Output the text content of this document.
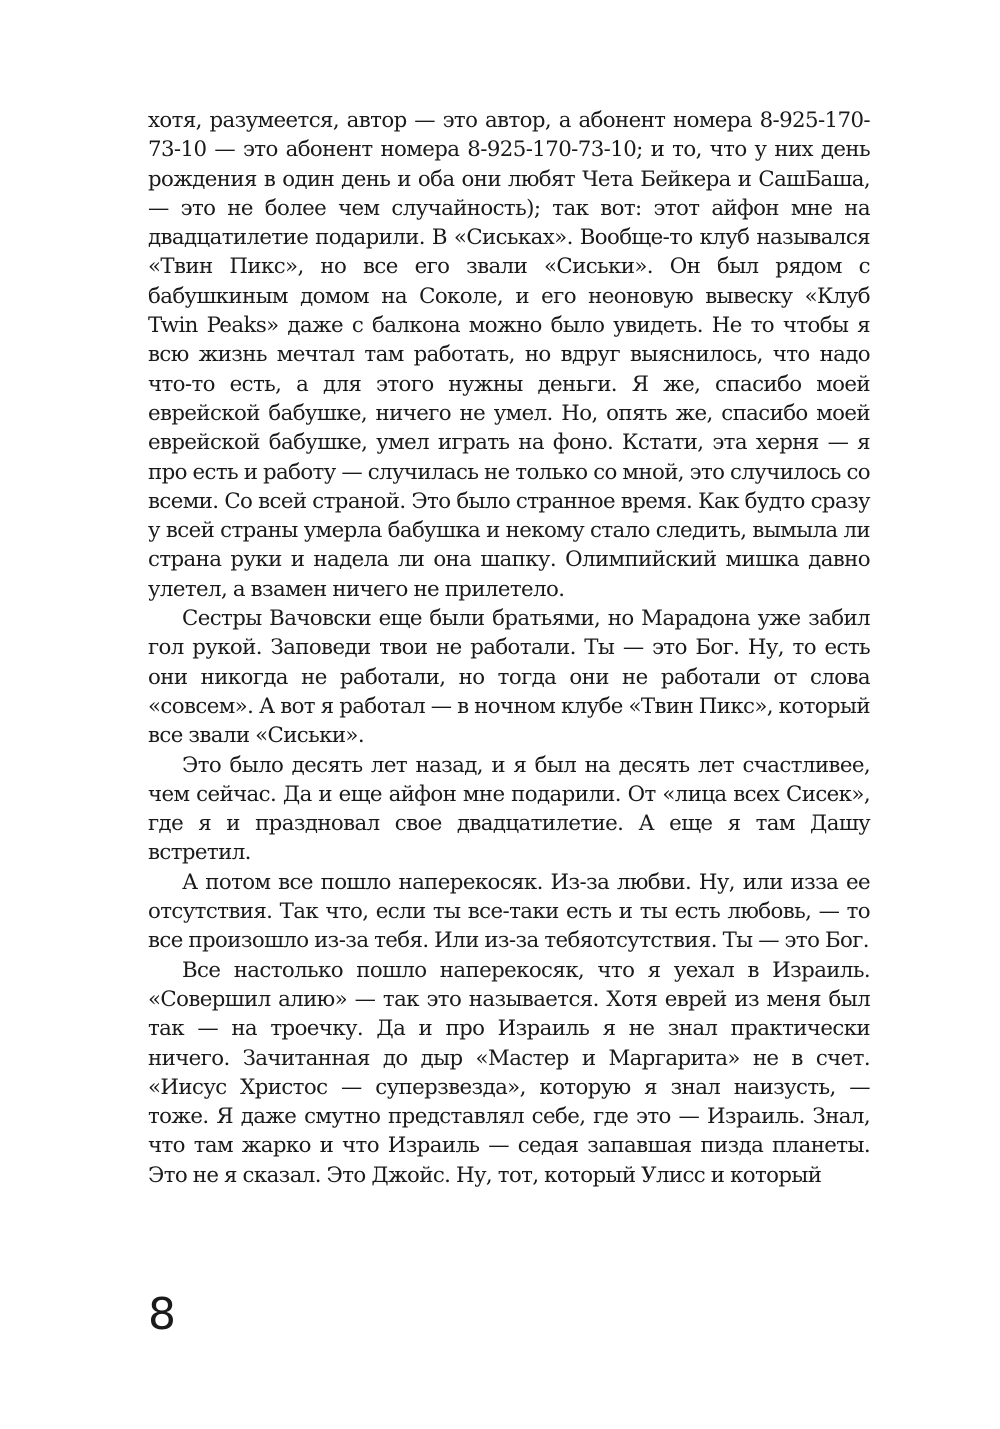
хотя, разумеется, автор — это автор, а абонент номера 8-925-170-73-10 — это абонент номера 8-925-170-73-10; и то, что у них день рождения в один день и оба они любят Чета Бейкера и СашБаша, — это не более чем случайность); так вот: этот айфон мне на двадцатилетие подарили. В «Сиськах». Вообще-то клуб назывался «Твин Пикс», но все его звали «Сиськи». Он был рядом с бабушкиным домом на Соколе, и его неоновую вывеску «Клуб Twin Peaks» даже с балкона можно было увидеть. Не то чтобы я всю жизнь мечтал там работать, но вдруг выяснилось, что надо что-то есть, а для этого нужны деньги. Я же, спасибо моей еврейской бабушке, ничего не умел. Но, опять же, спасибо моей еврейской бабушке, умел играть на фоно. Кстати, эта херня — я про есть и работу — случилась не только со мной, это случилось со всеми. Со всей страной. Это было странное время. Как будто сразу у всей страны умерла бабушка и некому стало следить, вымыла ли страна руки и надела ли она шапку. Олимпийский мишка давно улетел, а взамен ничего не прилетело.

Сестры Вачовски еще были братьями, но Марадона уже забил гол рукой. Заповеди твои не работали. Ты — это Бог. Ну, то есть они никогда не работали, но тогда они не работали от слова «совсем». А вот я работал — в ночном клубе «Твин Пикс», который все звали «Сиськи».

Это было десять лет назад, и я был на десять лет счастливее, чем сейчас. Да и еще айфон мне подарили. От «лица всех Сисек», где я и праздновал свое двадцатилетие. А еще я там Дашу встретил.

А потом все пошло наперекосяк. Из-за любви. Ну, или изза ее отсутствия. Так что, если ты все-таки есть и ты есть любовь, — то все произошло из-за тебя. Или из-за тебяотсутствия. Ты — это Бог.

Все настолько пошло наперекосяк, что я уехал в Израиль. «Совершил алию» — так это называется. Хотя еврей из меня был так — на троечку. Да и про Израиль я не знал практически ничего. Зачитанная до дыр «Мастер и Маргарита» не в счет. «Иисус Христос — суперзвезда», которую я знал наизусть, — тоже. Я даже смутно представлял себе, где это — Израиль. Знал, что там жарко и что Израиль — седая запавшая пизда планеты. Это не я сказал. Это Джойс. Ну, тот, который Улисс и который

8
